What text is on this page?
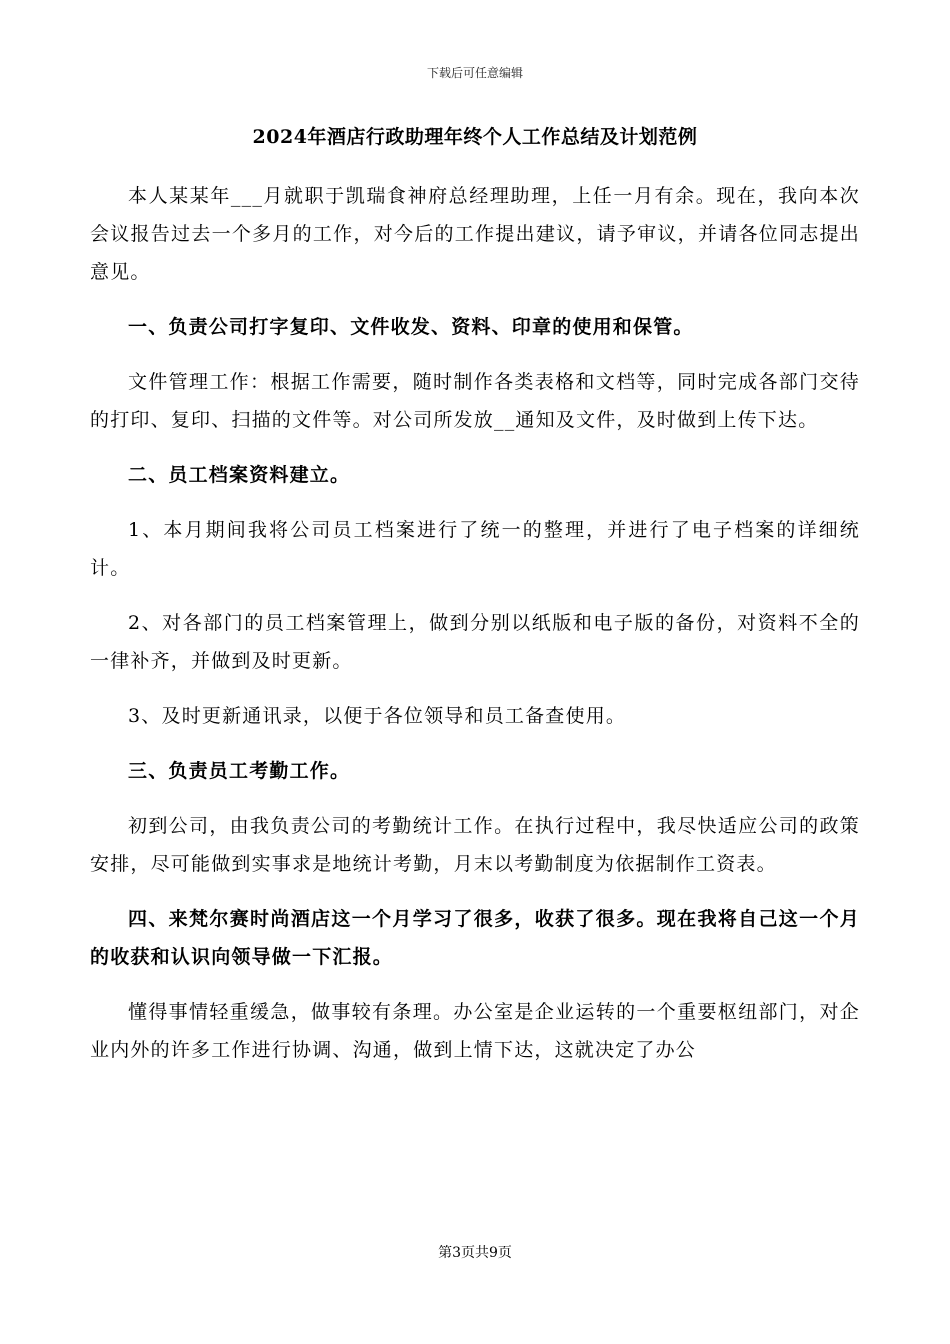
下载后可任意编辑
2024年酒店行政助理年终个人工作总结及计划范例

本人某某年___月就职于凯瑞食神府总经理助理，上任一月有余。现在，我向本次会议报告过去一个多月的工作，对今后的工作提出建议，请予审议，并请各位同志提出意见。

一、负责公司打字复印、文件收发、资料、印章的使用和保管。

文件管理工作：根据工作需要，随时制作各类表格和文档等，同时完成各部门交待的打印、复印、扫描的文件等。对公司所发放__通知及文件，及时做到上传下达。

二、员工档案资料建立。

1、本月期间我将公司员工档案进行了统一的整理，并进行了电子档案的详细统计。

2、对各部门的员工档案管理上，做到分别以纸版和电子版的备份，对资料不全的一律补齐，并做到及时更新。

3、及时更新通讯录，以便于各位领导和员工备查使用。

三、负责员工考勤工作。

初到公司，由我负责公司的考勤统计工作。在执行过程中，我尽快适应公司的政策安排，尽可能做到实事求是地统计考勤，月末以考勤制度为依据制作工资表。

四、来梵尔赛时尚酒店这一个月学习了很多，收获了很多。现在我将自己这一个月的收获和认识向领导做一下汇报。

懂得事情轻重缓急，做事较有条理。办公室是企业运转的一个重要枢纽部门，对企业内外的许多工作进行协调、沟通，做到上情下达，这就决定了办公

第3页共9页
